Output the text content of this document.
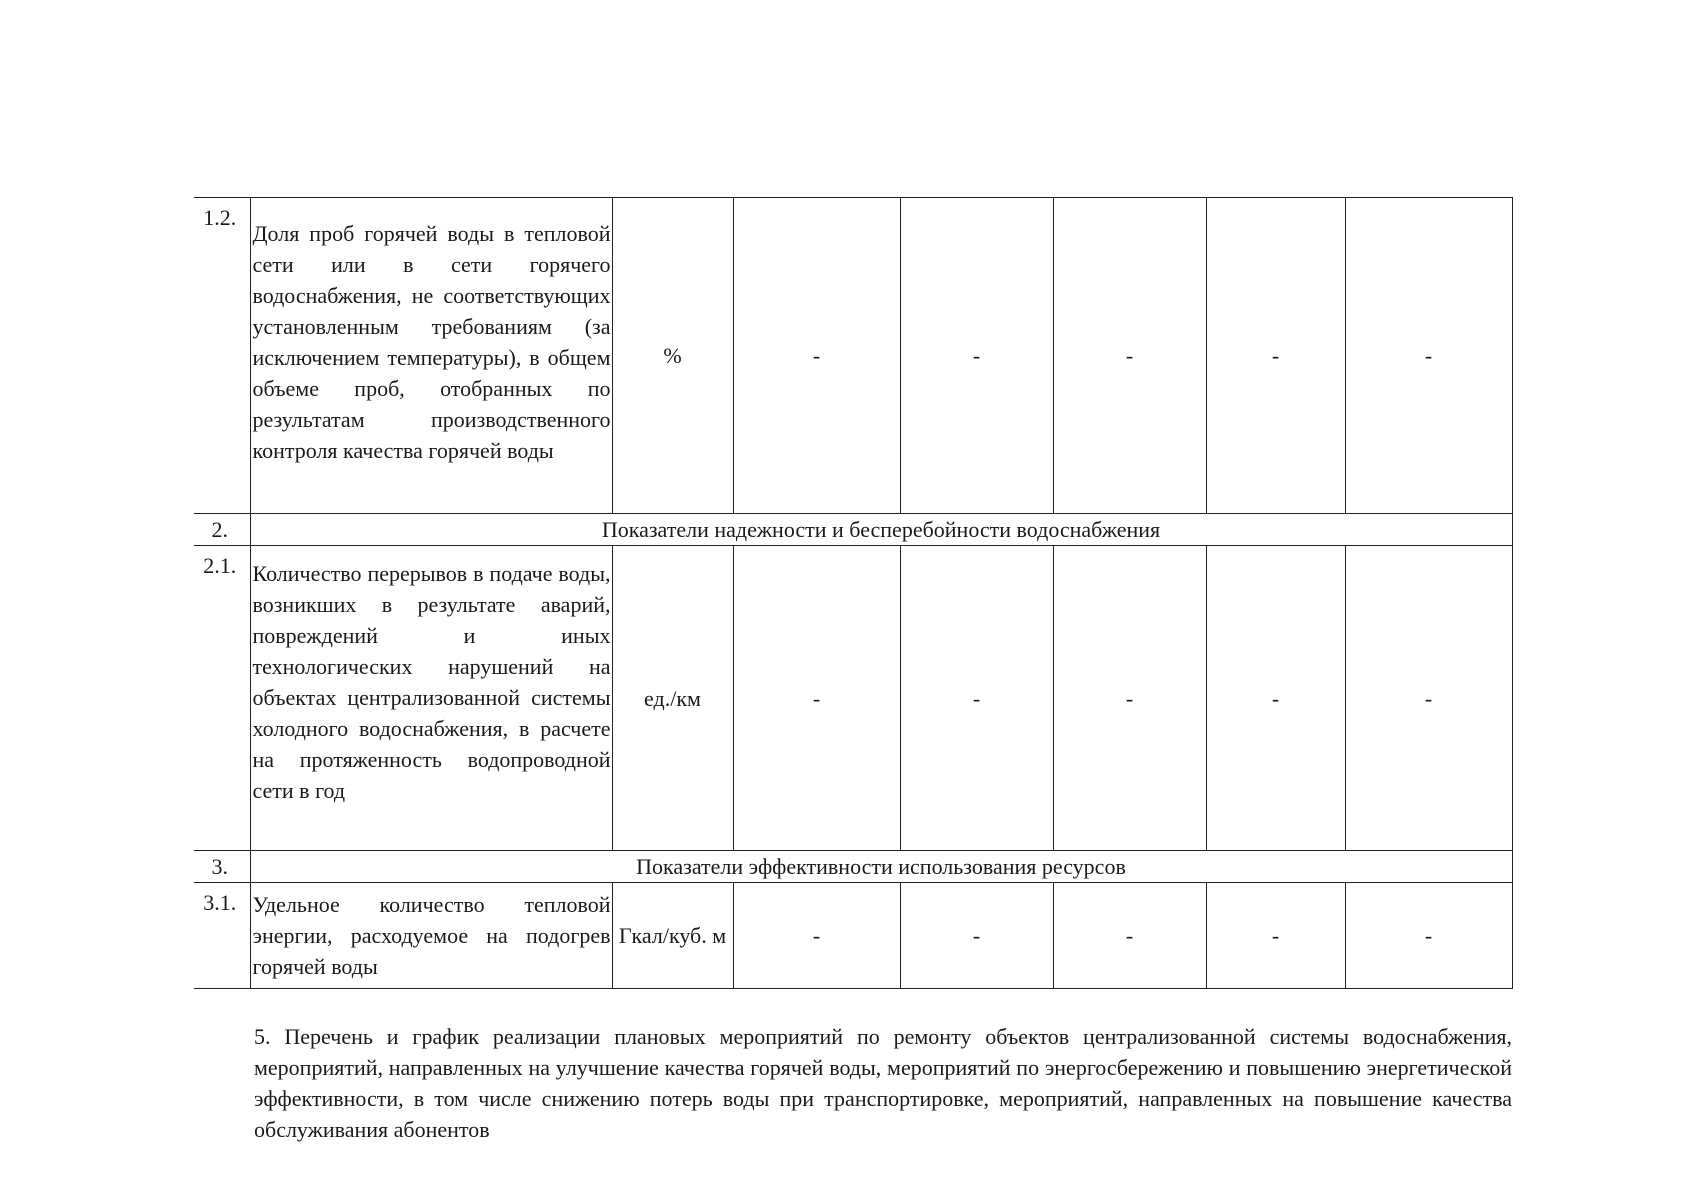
1.2.	Доля проб горячей воды в тепловой сети или в сети горячего водоснабжения, не соответствующих установленным требованиям (за исключением температуры), в общем объеме проб, отобранных по результатам производственного контроля качества горячей воды	%	-	-	-	-	-
2.	Показатели надежности и бесперебойности водоснабжения						
2.1.	Количество перерывов в подаче воды, возникших в результате аварий, повреждений и иных технологических нарушений на объектах централизованной системы холодного водоснабжения, в расчете на протяженность водопроводной сети в год	ед./км	-	-	-	-	-
3.	Показатели эффективности использования ресурсов						
3.1.	Удельное количество тепловой энергии, расходуемое на подогрев горячей воды	Гкал/куб. м	-	-	-	-	-

5. Перечень и график реализации плановых мероприятий по ремонту объектов централизованной системы водоснабжения, мероприятий, направленных на улучшение качества горячей воды, мероприятий по энергосбережению и повышению энергетической эффективности, в том числе снижению потерь воды при транспортировке, мероприятий, направленных на повышение качества обслуживания абонентов
